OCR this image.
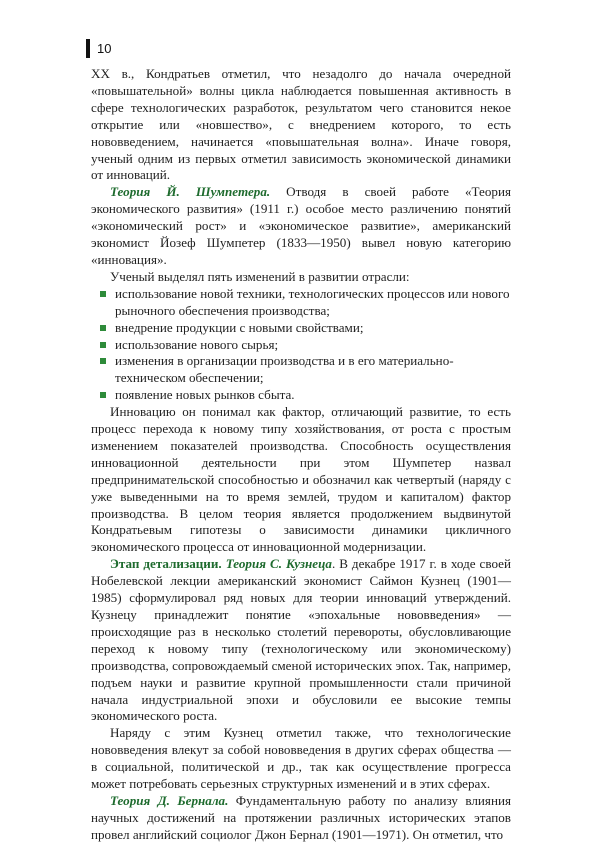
10

XX в., Кондратьев отметил, что незадолго до начала очередной «повышательной» волны цикла наблюдается повышенная активность в сфере технологических разработок, результатом чего становится некое открытие или «новшество», с внедрением которого, то есть нововведением, начинается «повышательная волна». Иначе говоря, ученый одним из первых отметил зависимость экономической динамики от инноваций.

Теория Й. Шумпетера. Отводя в своей работе «Теория экономического развития» (1911 г.) особое место различению понятий «экономический рост» и «экономическое развитие», американский экономист Йозеф Шумпетер (1833—1950) вывел новую категорию «инновация».

Ученый выделял пять изменений в развитии отрасли:

использование новой техники, технологических процессов или нового рыночного обеспечения производства;
внедрение продукции с новыми свойствами;
использование нового сырья;
изменения в организации производства и в его материально-техническом обеспечении;
появление новых рынков сбыта.

Инновацию он понимал как фактор, отличающий развитие, то есть процесс перехода к новому типу хозяйствования, от роста с простым изменением показателей производства. Способность осуществления инновационной деятельности при этом Шумпетер назвал предпринимательской способностью и обозначил как четвертый (наряду с уже выведенными на то время землей, трудом и капиталом) фактор производства. В целом теория является продолжением выдвинутой Кондратьевым гипотезы о зависимости динамики цикличного экономического процесса от инновационной модернизации.

Этап детализации. Теория С. Кузнеца. В декабре 1917 г. в ходе своей Нобелевской лекции американский экономист Саймон Кузнец (1901—1985) сформулировал ряд новых для теории инноваций утверждений. Кузнецу принадлежит понятие «эпохальные нововведения» — происходящие раз в несколько столетий перевороты, обусловливающие переход к новому типу (технологическому или экономическому) производства, сопровождаемый сменой исторических эпох. Так, например, подъем науки и развитие крупной промышленности стали причиной начала индустриальной эпохи и обусловили ее высокие темпы экономического роста.

Наряду с этим Кузнец отметил также, что технологические нововведения влекут за собой нововведения в других сферах общества — в социальной, политической и др., так как осуществление прогресса может потребовать серьезных структурных изменений и в этих сферах.

Теория Д. Бернала. Фундаментальную работу по анализу влияния научных достижений на протяжении различных исторических этапов провел английский социолог Джон Бернал (1901—1971). Он отметил, что
